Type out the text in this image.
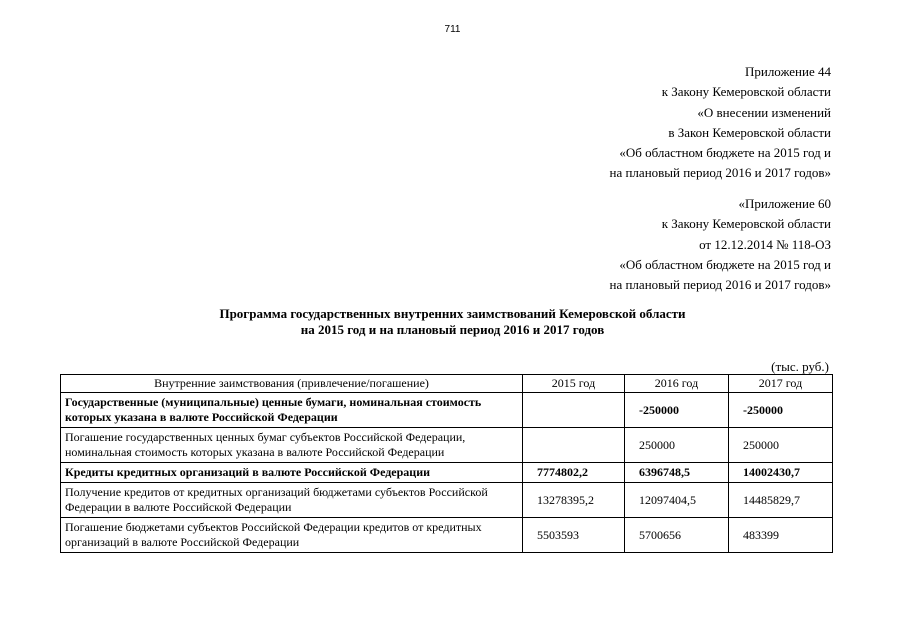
711
Приложение 44
к Закону Кемеровской области
«О внесении изменений
в Закон Кемеровской области
«Об областном бюджете на 2015 год и
на плановый период 2016 и 2017 годов»
«Приложение 60
к Закону Кемеровской области
от 12.12.2014 № 118-ОЗ
«Об областном бюджете на 2015 год и
на плановый период 2016 и 2017 годов»
Программа государственных внутренних заимствований Кемеровской области
на 2015 год и на плановый период 2016 и 2017 годов
(тыс. руб.)
Внутренние заимствования (привлечение/погашение)	2015 год	2016 год	2017 год
Государственные (муниципальные) ценные бумаги, номинальная стоимость которых указана в валюте Российской Федерации		-250000	-250000
Погашение государственных ценных бумаг субъектов Российской Федерации, номинальная стоимость которых указана в валюте Российской Федерации		250000	250000
Кредиты кредитных организаций в валюте Российской Федерации	7774802,2	6396748,5	14002430,7
Получение кредитов от кредитных организаций бюджетами субъектов Российской Федерации в валюте Российской Федерации	13278395,2	12097404,5	14485829,7
Погашение бюджетами субъектов Российской Федерации кредитов от кредитных организаций в валюте Российской Федерации	5503593	5700656	483399
